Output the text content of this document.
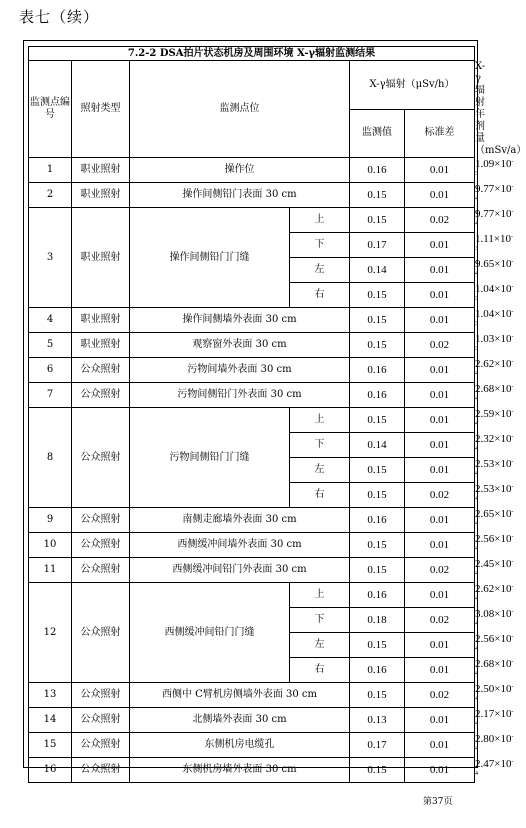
表七（续）
7.2-2 DSA拍片状态机房及周围环境 X-γ辐射监测结果						
监测点编号	照射类型	监测点位		X-γ辐射（μSv/h）		X-γ辐射年剂量（mSv/a）
				监测值	标准差	
1	职业照射	操作位		0.16	0.01	$1.09\times 10^{-3}$
2	职业照射	操作间侧铅门表面 30 cm		0.15	0.01	$9.77\times 10^{-4}$
3	职业照射	操作间侧铅门门缝	上	0.15	0.02	$9.77\times 10^{-4}$
			下	0.17	0.01	$1.11\times 10^{-3}$
			左	0.14	0.01	$9.65\times 10^{-4}$
			右	0.15	0.01	$1.04\times 10^{-3}$
4	职业照射	操作间侧墙外表面 30 cm		0.15	0.01	$1.04\times 10^{-3}$
5	职业照射	观察窗外表面 30 cm		0.15	0.02	$1.03\times 10^{-3}$
6	公众照射	污物间墙外表面 30 cm		0.16	0.01	$2.62\times 10^{-4}$
7	公众照射	污物间侧铅门外表面 30 cm		0.16	0.01	$2.68\times 10^{-4}$
8	公众照射	污物间侧铅门门缝	上	0.15	0.01	$2.59\times 10^{-4}$
			下	0.14	0.01	$2.32\times 10^{-4}$
			左	0.15	0.01	$2.53\times 10^{-4}$
			右	0.15	0.02	$2.53\times 10^{-4}$
9	公众照射	南侧走廊墙外表面 30 cm		0.16	0.01	$2.65\times 10^{-4}$
10	公众照射	西侧缓冲间墙外表面 30 cm		0.15	0.01	$2.56\times 10^{-4}$
11	公众照射	西侧缓冲间铅门外表面 30 cm		0.15	0.02	$2.45\times 10^{-4}$
12	公众照射	西侧缓冲间铅门门缝	上	0.16	0.01	$2.62\times 10^{-4}$
			下	0.18	0.02	$3.08\times 10^{-4}$
			左	0.15	0.01	$2.56\times 10^{-4}$
			右	0.16	0.01	$2.68\times 10^{-4}$
13	公众照射	西侧中 C臂机房侧墙外表面 30 cm		0.15	0.02	$2.50\times 10^{-4}$
14	公众照射	北侧墙外表面 30 cm		0.13	0.01	$2.17\times 10^{-4}$
15	公众照射	东侧机房电缆孔		0.17	0.01	$2.80\times 10^{-4}$
16	公众照射	东侧机房墙外表面 30 cm		0.15	0.01	$2.47\times 10^{-4}$
第37页
